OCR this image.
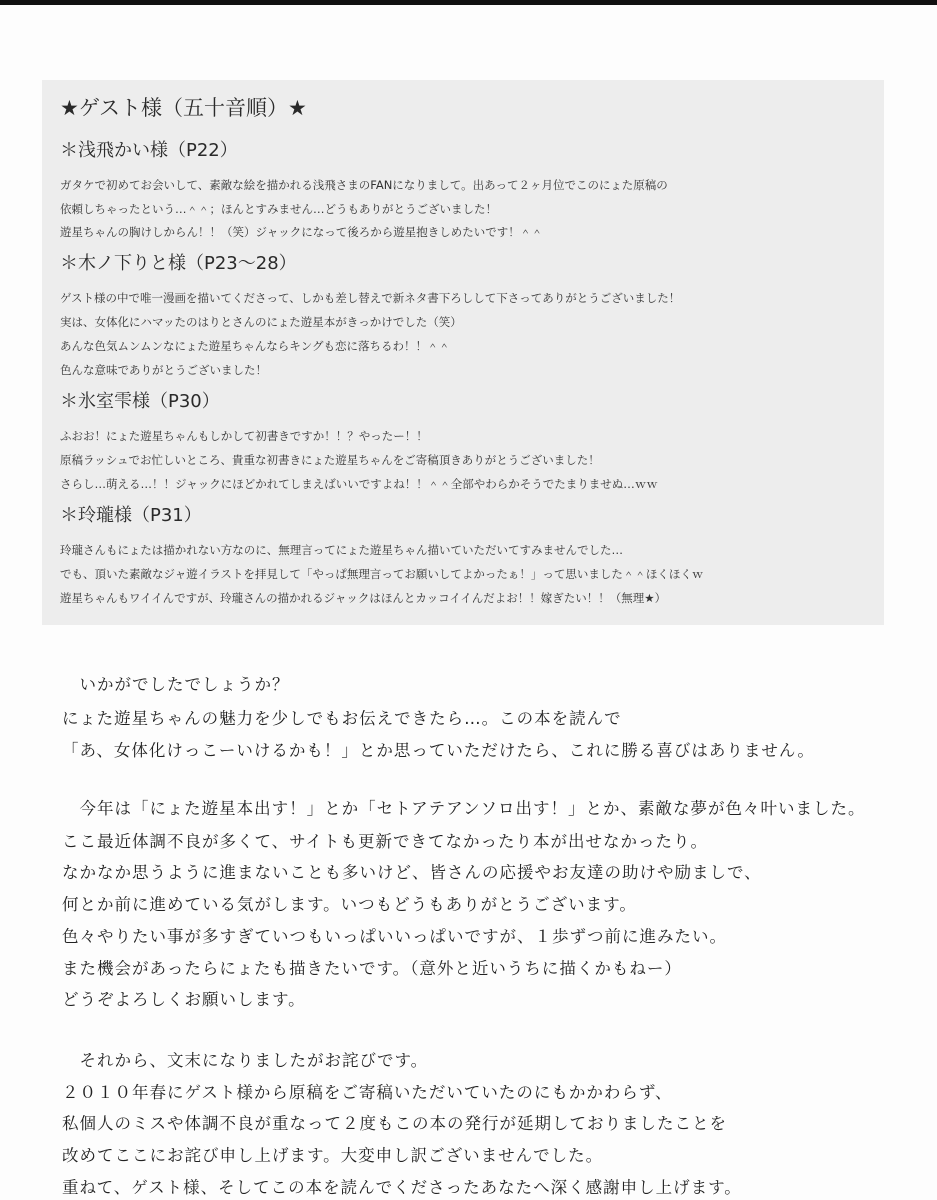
★ゲスト様（五十音順）★
＊浅飛かい様（P22）
ガタケで初めてお会いして、素敵な絵を描かれる浅飛さまのFANになりまして。出あって２ヶ月位でこのにょた原稿の
依頼しちゃったという…＾＾；ほんとすみません…どうもありがとうございました！
遊星ちゃんの胸けしからん！！（笑）ジャックになって後ろから遊星抱きしめたいです！＾＾
＊木ノ下りと様（P23～28）
ゲスト様の中で唯一漫画を描いてくださって、しかも差し替えで新ネタ書下ろしして下さってありがとうございました！
実は、女体化にハマッたのはりとさんのにょた遊星本がきっかけでした（笑）
あんな色気ムンムンなにょた遊星ちゃんならキングも恋に落ちるわ！！＾＾
色んな意味でありがとうございました！
＊氷室雫様（P30）
ふおお！にょた遊星ちゃんもしかして初書きですか！！？やったー！！
原稿ラッシュでお忙しいところ、貴重な初書きにょた遊星ちゃんをご寄稿頂きありがとうございました！
さらし…萌える…！！ジャックにほどかれてしまえばいいですよね！！＾＾全部やわらかそうでたまりませぬ…ｗｗ
＊玲瓏様（P31）
玲瓏さんもにょたは描かれない方なのに、無理言ってにょた遊星ちゃん描いていただいてすみませんでした…
でも、頂いた素敵なジャ遊イラストを拝見して「やっぱ無理言ってお願いしてよかったぁ！」って思いました＾＾ほくほくｗ
遊星ちゃんもワイイんですが、玲瓏さんの描かれるジャックはほんとカッコイイんだよお！！嫁ぎたい！！（無理★）
　いかがでしたでしょうか？
にょた遊星ちゃんの魅力を少しでもお伝えできたら…。この本を読んで
「あ、女体化けっこーいけるかも！」とか思っていただけたら、これに勝る喜びはありません。
　今年は「にょた遊星本出す！」とか「セトアテアンソロ出す！」とか、素敵な夢が色々叶いました。
ここ最近体調不良が多くて、サイトも更新できてなかったり本が出せなかったり。
なかなか思うように進まないことも多いけど、皆さんの応援やお友達の助けや励ましで、
何とか前に進めている気がします。いつもどうもありがとうございます。
色々やりたい事が多すぎていつもいっぱいいっぱいですが、１歩ずつ前に進みたい。
また機会があったらにょたも描きたいです。（意外と近いうちに描くかもねー）
どうぞよろしくお願いします。
　それから、文末になりましたがお詫びです。
２０１０年春にゲスト様から原稿をご寄稿いただいていたのにもかかわらず、
私個人のミスや体調不良が重なって２度もこの本の発行が延期しておりましたことを
改めてここにお詫び申し上げます。大変申し訳ございませんでした。
重ねて、ゲスト様、そしてこの本を読んでくださったあなたへ深く感謝申し上げます。
